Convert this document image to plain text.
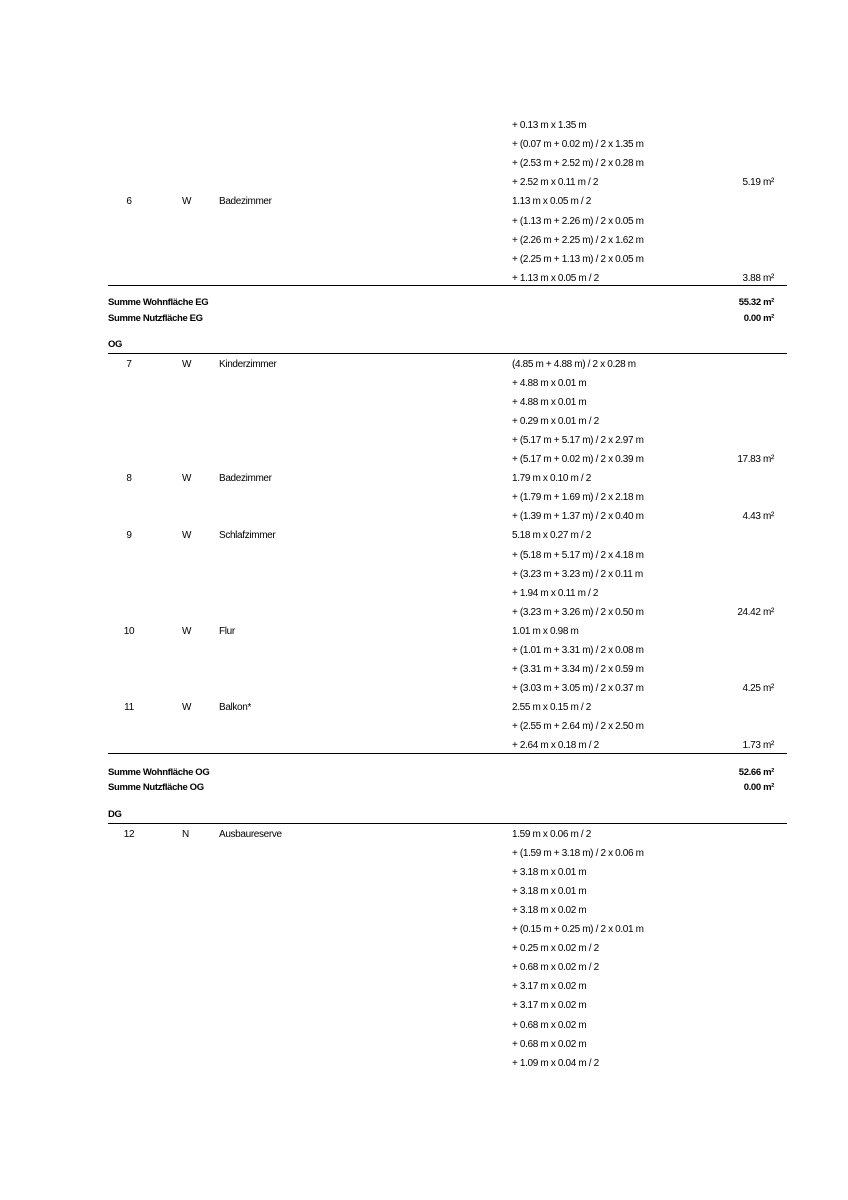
+ 0.13 m x 1.35 m
+ (0.07 m + 0.02 m) / 2 x 1.35 m
+ (2.53 m + 2.52 m) / 2 x 0.28 m
+ 2.52 m x 0.11 m / 2	5.19 m²
6	W	Badezimmer	1.13 m x 0.05 m / 2
+ (1.13 m + 2.26 m) / 2 x 0.05 m
+ (2.26 m + 2.25 m) / 2 x 1.62 m
+ (2.25 m + 1.13 m) / 2 x 0.05 m
+ 1.13 m x 0.05 m / 2	3.88 m²
Summe Wohnfläche EG	55.32 m²
Summe Nutzfläche EG	0.00 m²
OG
7	W	Kinderzimmer	(4.85 m + 4.88 m) / 2 x 0.28 m
+ 4.88 m x 0.01 m
+ 4.88 m x 0.01 m
+ 0.29 m x 0.01 m / 2
+ (5.17 m + 5.17 m) / 2 x 2.97 m
+ (5.17 m + 0.02 m) / 2 x 0.39 m	17.83 m²
8	W	Badezimmer	1.79 m x 0.10 m / 2
+ (1.79 m + 1.69 m) / 2 x 2.18 m
+ (1.39 m + 1.37 m) / 2 x 0.40 m	4.43 m²
9	W	Schlafzimmer	5.18 m x 0.27 m / 2
+ (5.18 m + 5.17 m) / 2 x 4.18 m
+ (3.23 m + 3.23 m) / 2 x 0.11 m
+ 1.94 m x 0.11 m / 2
+ (3.23 m + 3.26 m) / 2 x 0.50 m	24.42 m²
10	W	Flur	1.01 m x 0.98 m
+ (1.01 m + 3.31 m) / 2 x 0.08 m
+ (3.31 m + 3.34 m) / 2 x 0.59 m
+ (3.03 m + 3.05 m) / 2 x 0.37 m	4.25 m²
11	W	Balkon*	2.55 m x 0.15 m / 2
+ (2.55 m + 2.64 m) / 2 x 2.50 m
+ 2.64 m x 0.18 m / 2	1.73 m²
Summe Wohnfläche OG	52.66 m²
Summe Nutzfläche OG	0.00 m²
DG
12	N	Ausbaureserve	1.59 m x 0.06 m / 2
+ (1.59 m + 3.18 m) / 2 x 0.06 m
+ 3.18 m x 0.01 m
+ 3.18 m x 0.01 m
+ 3.18 m x 0.02 m
+ (0.15 m + 0.25 m) / 2 x 0.01 m
+ 0.25 m x 0.02 m / 2
+ 0.68 m x 0.02 m / 2
+ 3.17 m x 0.02 m
+ 3.17 m x 0.02 m
+ 0.68 m x 0.02 m
+ 0.68 m x 0.02 m
+ 1.09 m x 0.04 m / 2
